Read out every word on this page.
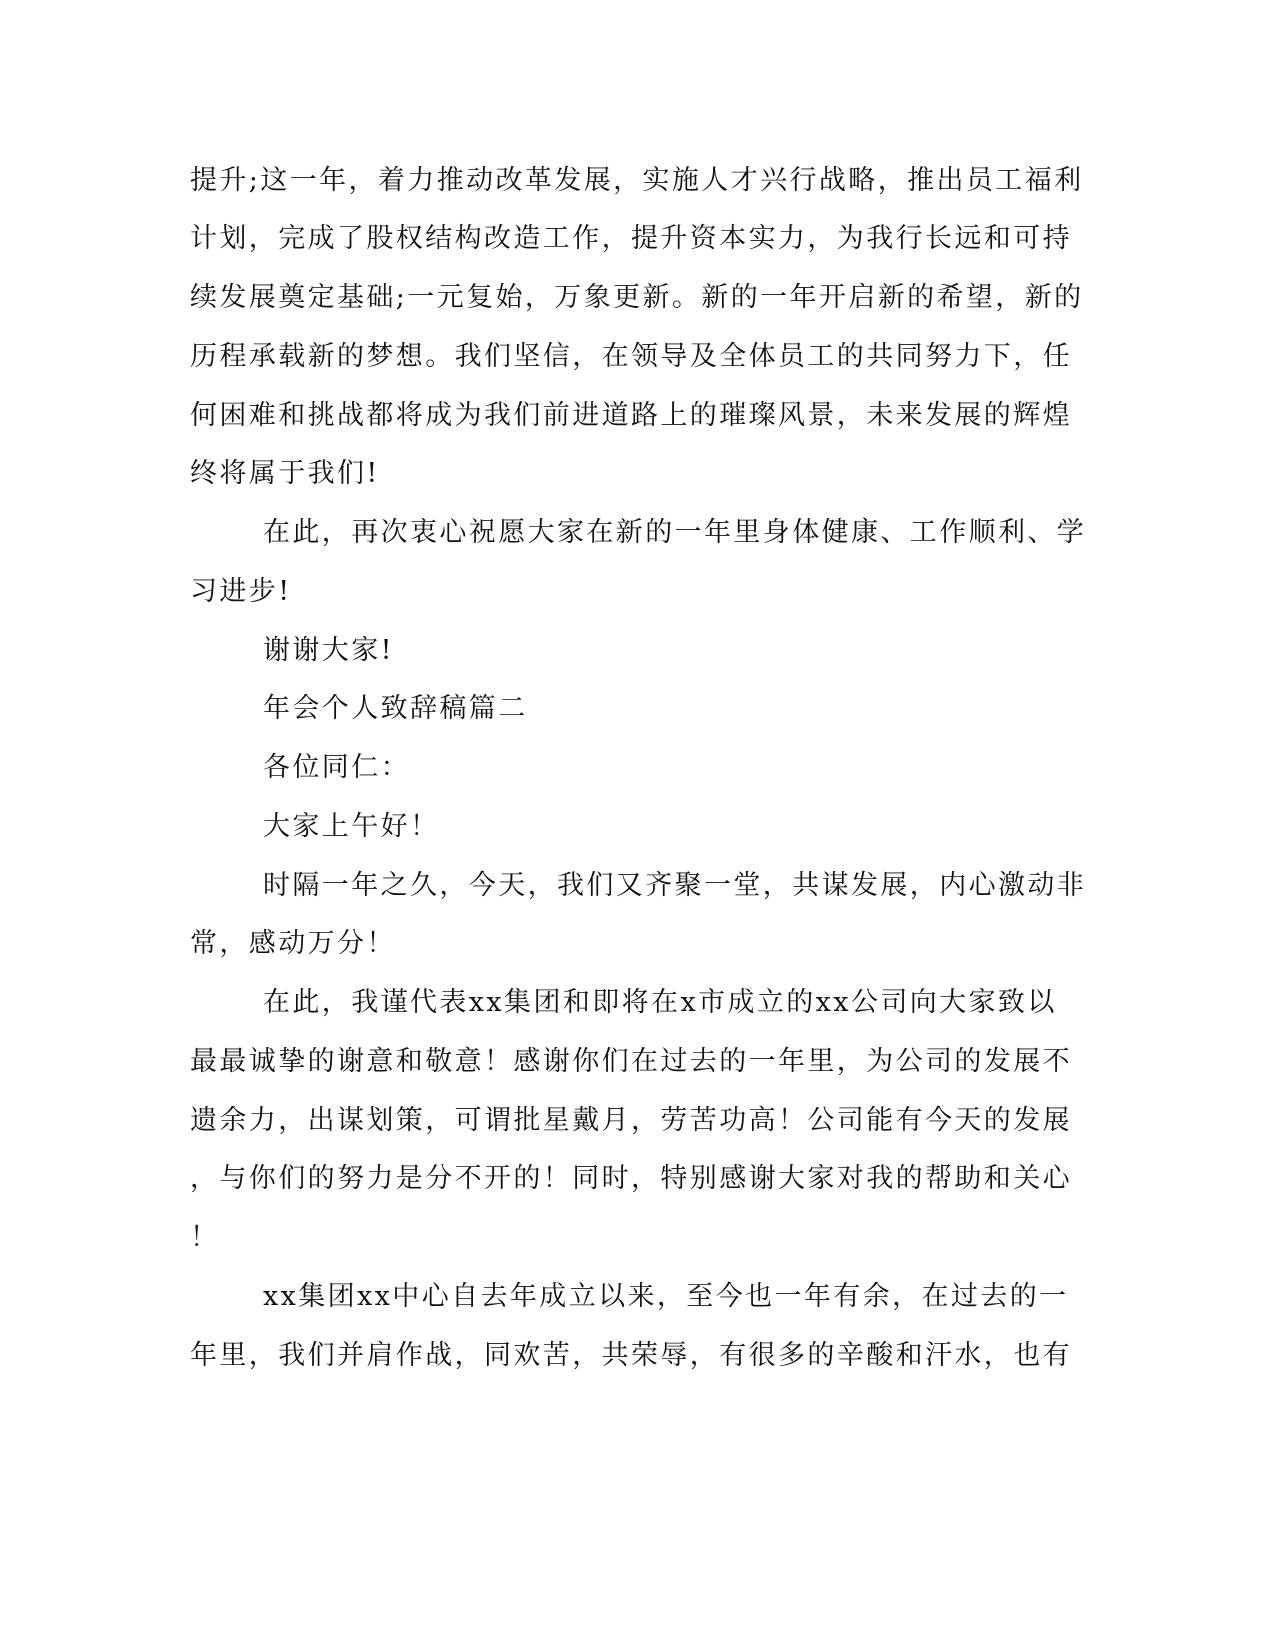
提升;这一年，着力推动改革发展，实施人才兴行战略，推出员工福利
计划，完成了股权结构改造工作，提升资本实力，为我行长远和可持
续发展奠定基础;一元复始，万象更新。新的一年开启新的希望，新的
历程承载新的梦想。我们坚信，在领导及全体员工的共同努力下，任
何困难和挑战都将成为我们前进道路上的璀璨风景，未来发展的辉煌
终将属于我们!
在此，再次衷心祝愿大家在新的一年里身体健康、工作顺利、学
习进步!
谢谢大家!
年会个人致辞稿篇二
各位同仁：
大家上午好！
时隔一年之久，今天，我们又齐聚一堂，共谋发展，内心激动非
常，感动万分！
在此，我谨代表xx集团和即将在x市成立的xx公司向大家致以
最最诚挚的谢意和敬意！感谢你们在过去的一年里，为公司的发展不
遗余力，出谋划策，可谓批星戴月，劳苦功高！公司能有今天的发展
，与你们的努力是分不开的！同时，特别感谢大家对我的帮助和关心
！
xx集团xx中心自去年成立以来，至今也一年有余，在过去的一
年里，我们并肩作战，同欢苦，共荣辱，有很多的辛酸和汗水，也有
